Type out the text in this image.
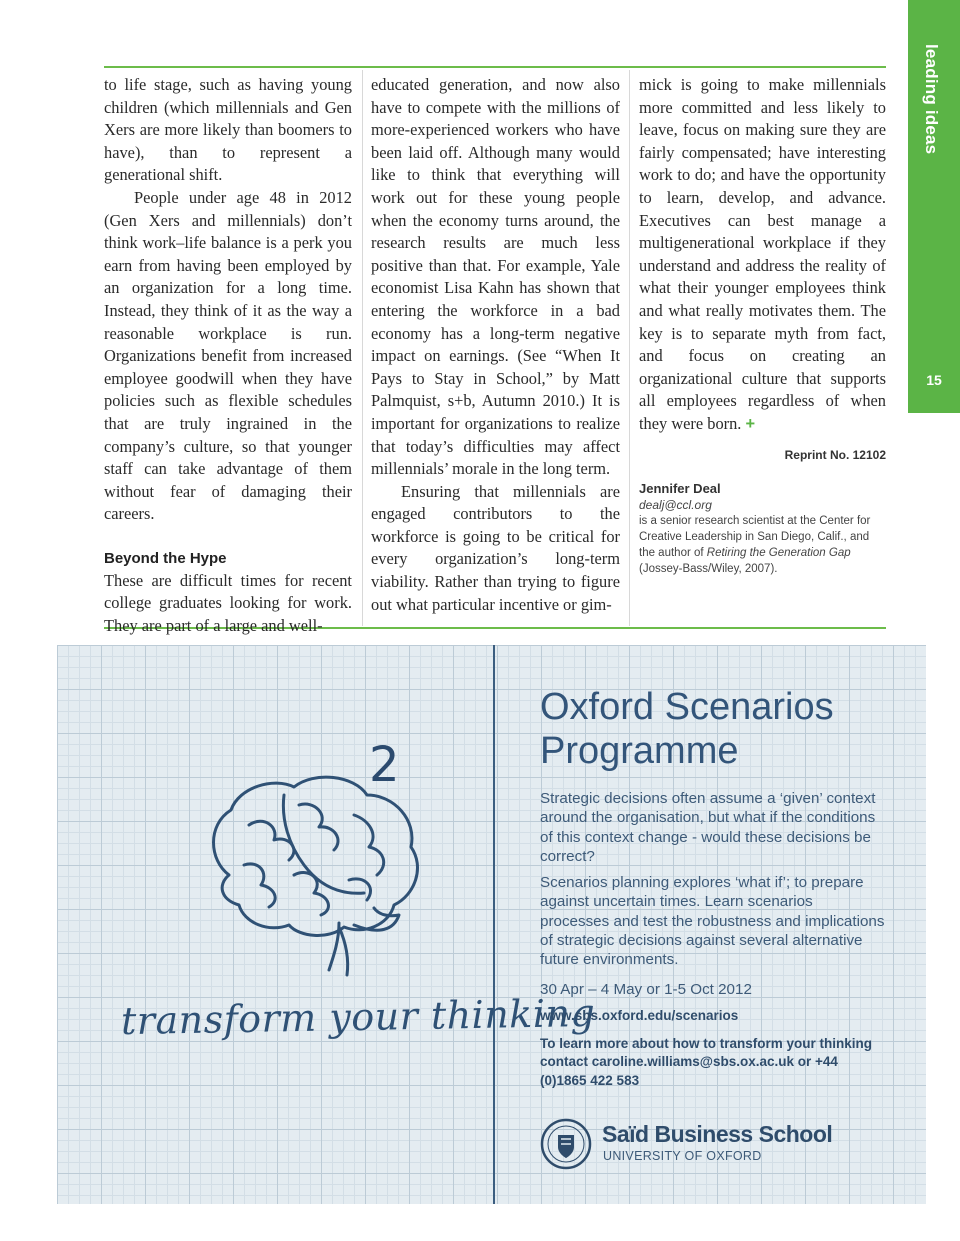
leading ideas
15

to life stage, such as having young children (which millennials and Gen Xers are more likely than boomers to have), than to represent a generational shift.

People under age 48 in 2012 (Gen Xers and millennials) don’t think work–life balance is a perk you earn from having been employed by an organization for a long time. Instead, they think of it as the way a reasonable workplace is run. Organizations benefit from increased employee goodwill when they have policies such as flexible schedules that are truly ingrained in the company’s culture, so that younger staff can take advantage of them without fear of damaging their careers.

Beyond the Hype

These are difficult times for recent college graduates looking for work. They are part of a large and well-

educated generation, and now also have to compete with the millions of more-experienced workers who have been laid off. Although many would like to think that everything will work out for these young people when the economy turns around, the research results are much less positive than that. For example, Yale economist Lisa Kahn has shown that entering the workforce in a bad economy has a long-term negative impact on earnings. (See “When It Pays to Stay in School,” by Matt Palmquist, s+b, Autumn 2010.) It is important for organizations to realize that today’s difficulties may affect millennials’ morale in the long term.

Ensuring that millennials are engaged contributors to the workforce is going to be critical for every organization’s long-term viability. Rather than trying to figure out what particular incentive or gim-

mick is going to make millennials more committed and less likely to leave, focus on making sure they are fairly compensated; have interesting work to do; and have the opportunity to learn, develop, and advance. Executives can best manage a multigenerational workplace if they understand and address the reality of what their younger employees think and what really motivates them. The key is to separate myth from fact, and focus on creating an organizational culture that supports all employees regardless of when they were born. +

Reprint No. 12102
Jennifer Deal
dealj@ccl.org
is a senior research scientist at the Center for Creative Leadership in San Diego, Calif., and the author of Retiring the Generation Gap (Jossey-Bass/Wiley, 2007).
2
transform your thinking

Oxford Scenarios
Programme

Strategic decisions often assume a ‘given’ context around the organisation, but what if the conditions of this context change - would these decisions be correct?

Scenarios planning explores ‘what if’; to prepare against uncertain times. Learn scenarios processes and test the robustness and implications of strategic decisions against several alternative future environments.

30 Apr – 4 May or 1-5 Oct 2012
www.sbs.oxford.edu/scenarios
To learn more about how to transform your thinking contact caroline.williams@sbs.ox.ac.uk or +44 (0)1865 422 583
Saïd Business School
UNIVERSITY OF OXFORD
